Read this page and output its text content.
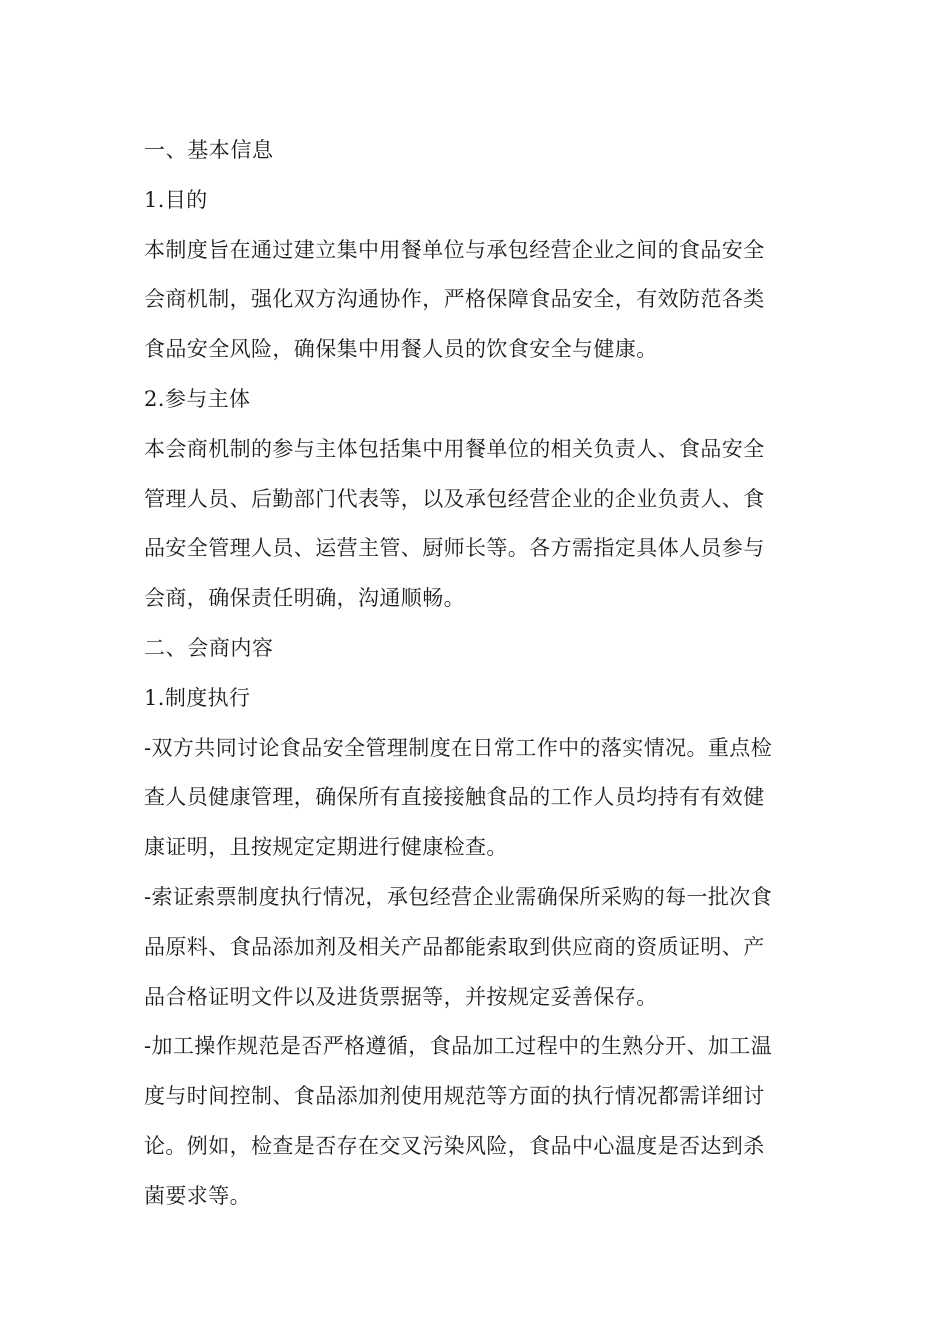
一、基本信息
1.目的
本制度旨在通过建立集中用餐单位与承包经营企业之间的食品安全
会商机制，强化双方沟通协作，严格保障食品安全，有效防范各类
食品安全风险，确保集中用餐人员的饮食安全与健康。
2.参与主体
本会商机制的参与主体包括集中用餐单位的相关负责人、食品安全
管理人员、后勤部门代表等，以及承包经营企业的企业负责人、食
品安全管理人员、运营主管、厨师长等。各方需指定具体人员参与
会商，确保责任明确，沟通顺畅。
二、会商内容
1.制度执行
-双方共同讨论食品安全管理制度在日常工作中的落实情况。重点检
查人员健康管理，确保所有直接接触食品的工作人员均持有有效健
康证明，且按规定定期进行健康检查。
-索证索票制度执行情况，承包经营企业需确保所采购的每一批次食
品原料、食品添加剂及相关产品都能索取到供应商的资质证明、产
品合格证明文件以及进货票据等，并按规定妥善保存。
-加工操作规范是否严格遵循，食品加工过程中的生熟分开、加工温
度与时间控制、食品添加剂使用规范等方面的执行情况都需详细讨
论。例如，检查是否存在交叉污染风险，食品中心温度是否达到杀
菌要求等。
